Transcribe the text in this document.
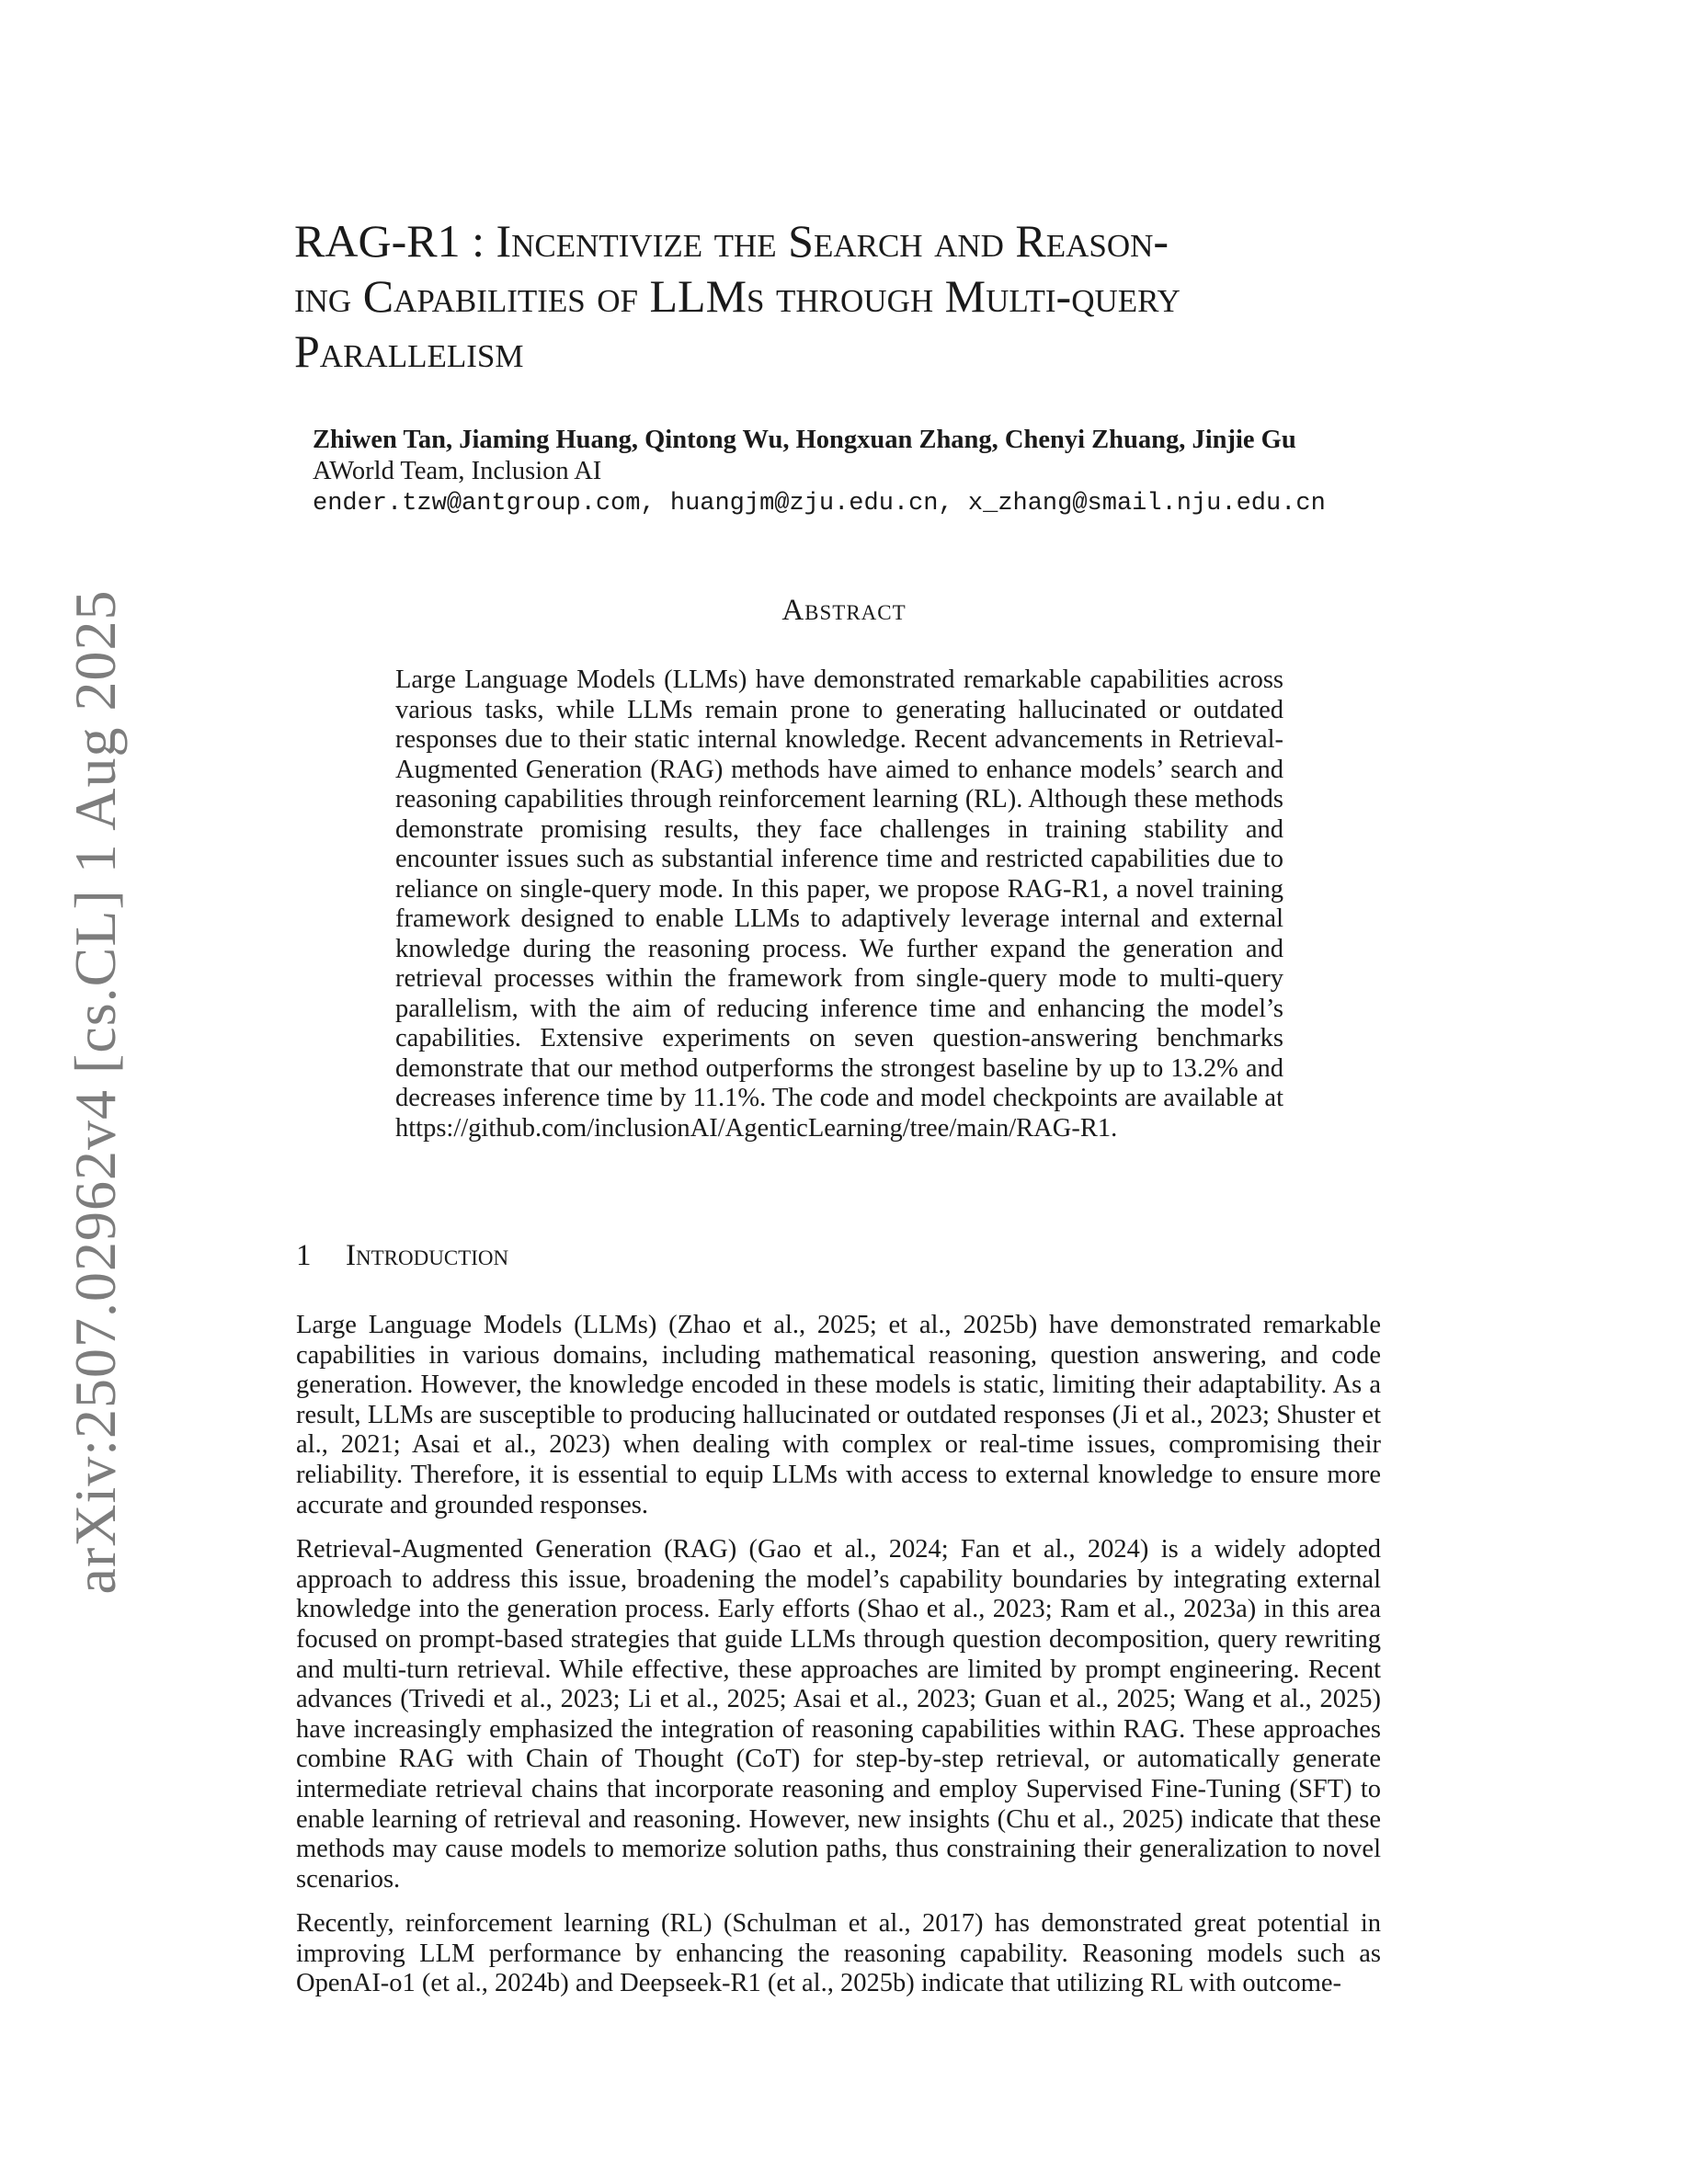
arXiv:2507.02962v4 [cs.CL] 1 Aug 2025
RAG-R1 : Incentivize the Search and Reason-
ing Capabilities of LLMs through Multi-query
Parallelism
Zhiwen Tan, Jiaming Huang, Qintong Wu, Hongxuan Zhang, Chenyi Zhuang, Jinjie Gu
AWorld Team, Inclusion AI
ender.tzw@antgroup.com, huangjm@zju.edu.cn, x_zhang@smail.nju.edu.cn
Abstract
Large Language Models (LLMs) have demonstrated remarkable capabilities across various tasks, while LLMs remain prone to generating hallucinated or outdated responses due to their static internal knowledge. Recent advancements in Retrieval-Augmented Generation (RAG) methods have aimed to enhance models’ search and reasoning capabilities through reinforcement learning (RL). Although these methods demonstrate promising results, they face challenges in training stability and encounter issues such as substantial inference time and restricted capabilities due to reliance on single-query mode. In this paper, we propose RAG-R1, a novel training framework designed to enable LLMs to adaptively leverage internal and external knowledge during the reasoning process. We further expand the generation and retrieval processes within the framework from single-query mode to multi-query parallelism, with the aim of reducing inference time and enhancing the model’s capabilities. Extensive experiments on seven question-answering benchmarks demonstrate that our method outperforms the strongest baseline by up to 13.2% and decreases inference time by 11.1%. The code and model checkpoints are available at https://github.com/inclusionAI/AgenticLearning/tree/main/RAG-R1.
1 Introduction

Large Language Models (LLMs) (Zhao et al., 2025; et al., 2025b) have demonstrated remarkable capabilities in various domains, including mathematical reasoning, question answering, and code generation. However, the knowledge encoded in these models is static, limiting their adaptability. As a result, LLMs are susceptible to producing hallucinated or outdated responses (Ji et al., 2023; Shuster et al., 2021; Asai et al., 2023) when dealing with complex or real-time issues, compromising their reliability. Therefore, it is essential to equip LLMs with access to external knowledge to ensure more accurate and grounded responses.

Retrieval-Augmented Generation (RAG) (Gao et al., 2024; Fan et al., 2024) is a widely adopted approach to address this issue, broadening the model’s capability boundaries by integrating external knowledge into the generation process. Early efforts (Shao et al., 2023; Ram et al., 2023a) in this area focused on prompt-based strategies that guide LLMs through question decomposition, query rewriting and multi-turn retrieval. While effective, these approaches are limited by prompt engineering. Recent advances (Trivedi et al., 2023; Li et al., 2025; Asai et al., 2023; Guan et al., 2025; Wang et al., 2025) have increasingly emphasized the integration of reasoning capabilities within RAG. These approaches combine RAG with Chain of Thought (CoT) for step-by-step retrieval, or automatically generate intermediate retrieval chains that incorporate reasoning and employ Supervised Fine-Tuning (SFT) to enable learning of retrieval and reasoning. However, new insights (Chu et al., 2025) indicate that these methods may cause models to memorize solution paths, thus constraining their generalization to novel scenarios.

Recently, reinforcement learning (RL) (Schulman et al., 2017) has demonstrated great potential in improving LLM performance by enhancing the reasoning capability. Reasoning models such as OpenAI-o1 (et al., 2024b) and Deepseek-R1 (et al., 2025b) indicate that utilizing RL with outcome-
